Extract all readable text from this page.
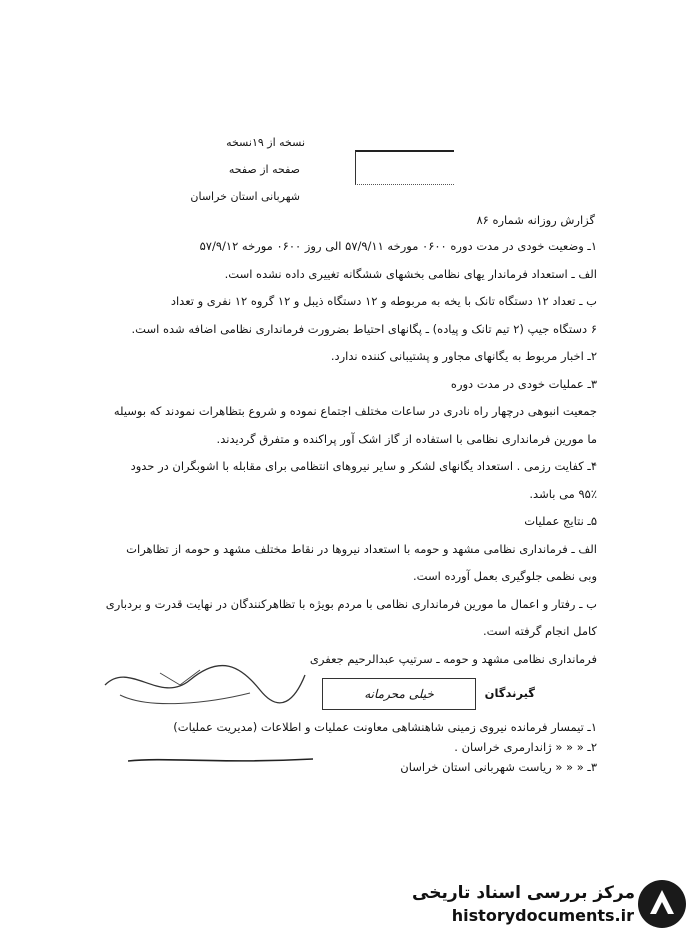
نسخه از ۱۹نسخه
صفحه از صفحه
شهربانی استان خراسان
گزارش روزانه شماره ۸۶
۱ـ وضعیت خودی در مدت دوره ۰۶۰۰ مورخه ۵۷/۹/۱۱ الی روز ۰۶۰۰ مورخه ۵۷/۹/۱۲
الف ـ استعداد فرماندار یهای نظامی بخشهای ششگانه تغییری داده نشده است.
ب ـ تعداد ۱۲ دستگاه تانک با یخه به مربوطه و ۱۲ دستگاه ذیبل و ۱۲ گروه ۱۲ نفری و تعداد
۶ دستگاه جیپ (۲ تیم تانک و پیاده) ـ پگانهای احتیاط بضرورت فرمانداری نظامی اضافه شده است.
۲ـ اخبار مربوط به یگانهای مجاور و پشتیبانی کننده ندارد.
۳ـ عملیات خودی در مدت دوره
جمعیت انبوهی درچهار راه نادری در ساعات مختلف اجتماع نموده و شروع بتظاهرات نمودند که بوسیله
ما مورین فرمانداری نظامی با استفاده از گاز اشک آور پراکنده و متفرق گردیدند.
۴ـ کفایت رزمی . استعداد یگانهای لشکر و سایر نیروهای انتظامی برای مقابله با اشوبگران در حدود
۹۵٪ می باشد.
۵ـ نتایج عملیات
الف ـ فرمانداری نظامی مشهد و حومه با استعداد نیروها در نقاط مختلف مشهد و حومه از تظاهرات
وبی نظمی جلوگیری بعمل آورده است.
ب ـ رفتار و اعمال ما مورین فرمانداری نظامی با مردم بویژه با تظاهرکنندگان در نهایت قدرت و بردباری
کامل انجام گرفته است.
فرمانداری نظامی مشهد و حومه ـ سرتیپ عبدالرحیم جعفری
خیلی محرمانه	گیرندگان
۱ـ تیمسار فرمانده نیروی زمینی شاهنشاهی معاونت عملیات و اطلاعات (مدیریت عملیات)
۲ـ « « « ژاندارمری خراسان .
۳ـ « « « ریاست شهربانی استان خراسان
مرکز بررسی اسناد تاریخی
historydocuments.ir
